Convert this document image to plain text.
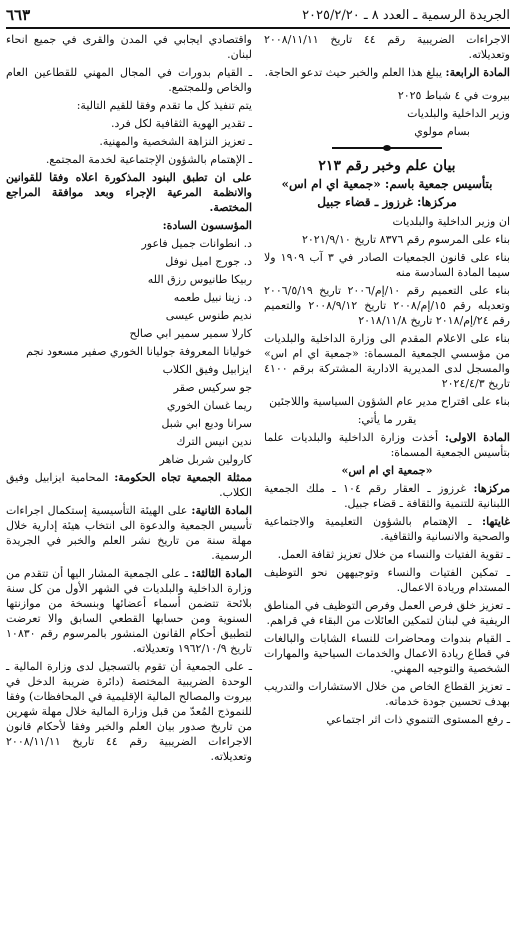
الجريدة الرسمية ـ العدد ٨ ـ ٢٠٢٥/٢/٢٠
٦٦٣

الاجراءات الضريبية رقم ٤٤ تاريخ ٢٠٠٨/١١/١١ وتعديلاته.

المادة الرابعة: يبلغ هذا العلم والخبر حيث تدعو الحاجة.

بيروت في ٤ شباط ٢٠٢٥

وزير الداخلية والبلديات

بسام مولوي

بيان علم وخبر رقم ٢١٣

بتأسيس جمعية باسم: «جمعية اي ام اس»

مركزها: غرزوز ـ قضاء جبيل

ان وزير الداخلية والبلديات

بناء على المرسوم رقم ٨٣٧٦ تاريخ ٢٠٢١/٩/١٠

بناء على قانون الجمعيات الصادر في ٣ آب ١٩٠٩ ولا سيما المادة السادسة منه

بناء على التعميم رقم ١٠/إم/٢٠٠٦ تاريخ ٢٠٠٦/٥/١٩ وتعديله رقم ١٥/إم/٢٠٠٨ تاريخ ٢٠٠٨/٩/١٢ والتعميم رقم ٢٤/إم/٢٠١٨ تاريخ ٢٠١٨/١١/٨

بناء على الاعلام المقدم الى وزارة الداخلية والبلديات من مؤسسي الجمعية المسماة: «جمعية اي ام اس» والمسجل لدى المديرية الادارية المشتركة برقم ٤١٠٠ تاريخ ٢٠٢٤/٤/٣

بناء على اقتراح مدير عام الشؤون السياسية واللاجئين

يقرر ما يأتي:

المادة الاولى: أخذت وزارة الداخلية والبلديات علما بتأسيس الجمعية المسماة:

«جمعية اي ام اس»

مركزها: غرزوز ـ العقار رقم ١٠٤ ـ ملك الجمعية اللبنانية للتنمية والثقافة ـ قضاء جبيل.

غايتها: ـ الإهتمام بالشؤون التعليمية والاجتماعية والصحية والانسانية والثقافية.

ـ تقوية الفتيات والنساء من خلال تعزيز ثقافة العمل.

ـ تمكين الفتيات والنساء وتوجيههن نحو التوظيف المستدام وريادة الاعمال.

ـ تعزيز خلق فرص العمل وفرص التوظيف في المناطق الريفية في لبنان لتمكين العائلات من البقاء في قراهم.

ـ القيام بندوات ومحاضرات للنساء الشابات والبالغات في قطاع ريادة الاعمال والخدمات السياحية والمهارات الشخصية والتوجيه المهني.

ـ تعزيز القطاع الخاص من خلال الاستشارات والتدريب بهدف تحسين جودة خدماته.

ـ رفع المستوى التنموي ذات اثر اجتماعي

واقتصادي ايجابي في المدن والقرى في جميع انحاء لبنان.

ـ القيام بدورات في المجال المهني للقطاعين العام والخاص وللمجتمع.

يتم تنفيذ كل ما تقدم وفقا للقيم التالية:

ـ تقدير الهوية الثقافية لكل فرد.

ـ تعزيز النزاهة الشخصية والمهنية.

ـ الإهتمام بالشؤون الإجتماعية لخدمة المجتمع.

على ان تطبق البنود المذكورة اعلاه وفقا للقوانين والانظمة المرعية الإجراء وبعد موافقة المراجع المختصة.

المؤسسون السادة:

د. انطوانات جميل فاعور

د. جورج اميل نوفل

ربيكا طانيوس رزق الله

د. زينا نبيل طعمه

نديم طنوس عيسى

كارلا سمير سمير ابي صالح

خوليانا المعروفة جوليانا الخوري صفير مسعود نجم

ايزابيل وفيق الكلاب

جو سركيس صقر

ريما غسان الخوري

سرانا وديع ابي شبل

ندين انيس الترك

كارولين شربل ضاهر

ممثلة الجمعية تجاه الحكومة: المحامية ايزابيل وفيق الكلاب.

المادة الثانية: على الهيئة التأسيسية إستكمال اجراءات تأسيس الجمعية والدعوة الى انتخاب هيئة إدارية خلال مهلة سنة من تاريخ نشر العلم والخبر في الجريدة الرسمية.

المادة الثالثة: ـ على الجمعية المشار اليها أن تتقدم من وزارة الداخلية والبلديات في الشهر الأول من كل سنة بلائحة تتضمن أسماء أعضائها وبنسخة من موازنتها السنوية ومن حسابها القطعي السابق والا تعرضت لتطبيق أحكام القانون المنشور بالمرسوم رقم ١٠٨٣٠ تاريخ ١٩٦٢/١٠/٩ وتعديلاته.

ـ على الجمعية أن تقوم بالتسجيل لدى وزارة المالية ـ الوحدة الضريبية المختصة (دائرة ضريبة الدخل في بيروت والمصالح المالية الإقليمية في المحافظات) وفقا للنموذج المُعدّ من قبل وزارة المالية خلال مهلة شهرين من تاريخ صدور بيان العلم والخبر وفقا لأحكام قانون الاجراءات الضريبية رقم ٤٤ تاريخ ٢٠٠٨/١١/١١ وتعديلاته.
